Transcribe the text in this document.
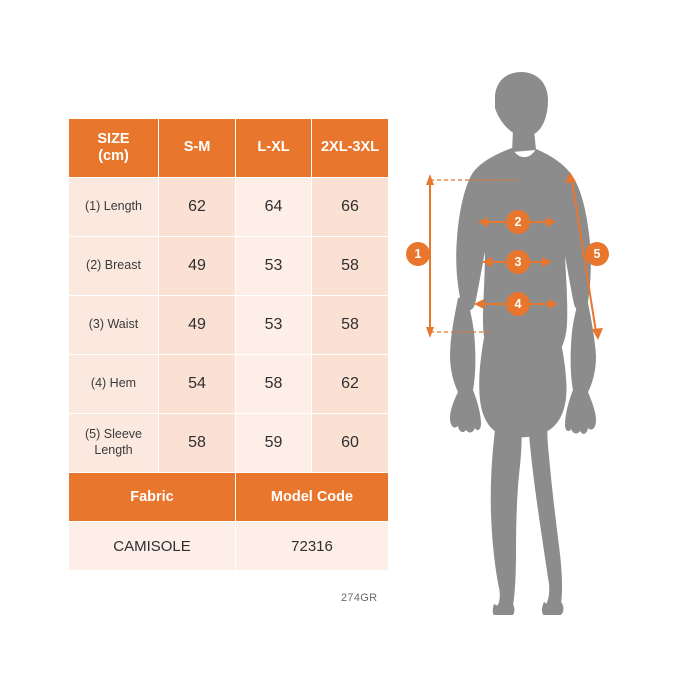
SIZE
(cm)	S-M	L-XL	2XL-3XL
(1) Length	62	64	66
(2) Breast	49	53	58
(3) Waist	49	53	58
(4) Hem	54	58	62
(5) Sleeve Length	58	59	60
Fabric		Model Code	
CAMISOLE		72316	
274GR
1
2
3
4
5
